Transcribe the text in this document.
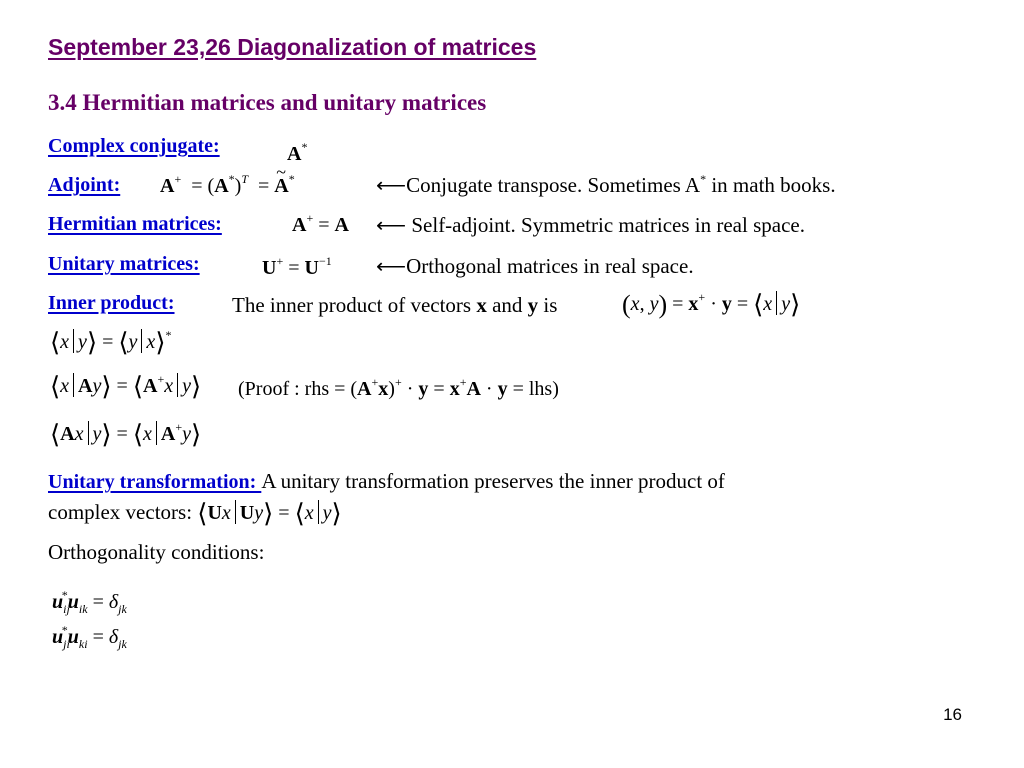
September 23,26 Diagonalization of matrices
3.4 Hermitian matrices and unitary matrices
Complex conjugate:	A*
Adjoint: $A^+ = (A^*)^T$  = ~ A*	⟵Conjugate transpose. Sometimes A* in math books.
Hermitian matrices:	A+ = A ⟵ Self-adjoint. Symmetric matrices in real space.
Unitary matrices:	$U^+ = U^{-1}$ ⟵Orthogonal matrices in real space.
Inner product:	The inner product of vectors x and y is (x, y) = x+ · y = ⟨x y⟩
⟨x y⟩ = ⟨y x⟩*
⟨x Ay⟩ = ⟨A+x y⟩ (Proof : rhs = (A+x)+ · y = x+A · y = lhs)
⟨Ax y⟩ = ⟨x A+y⟩
Unitary transformation: A unitary transformation preserves the inner product of
complex vectors: ⟨Ux Uy⟩ = ⟨x y⟩
Orthogonality conditions:
$u_{ij}^*u_{ik} = \delta_{jk}$
$u_{ji}^*u_{ki} = \delta_{jk}$
16
